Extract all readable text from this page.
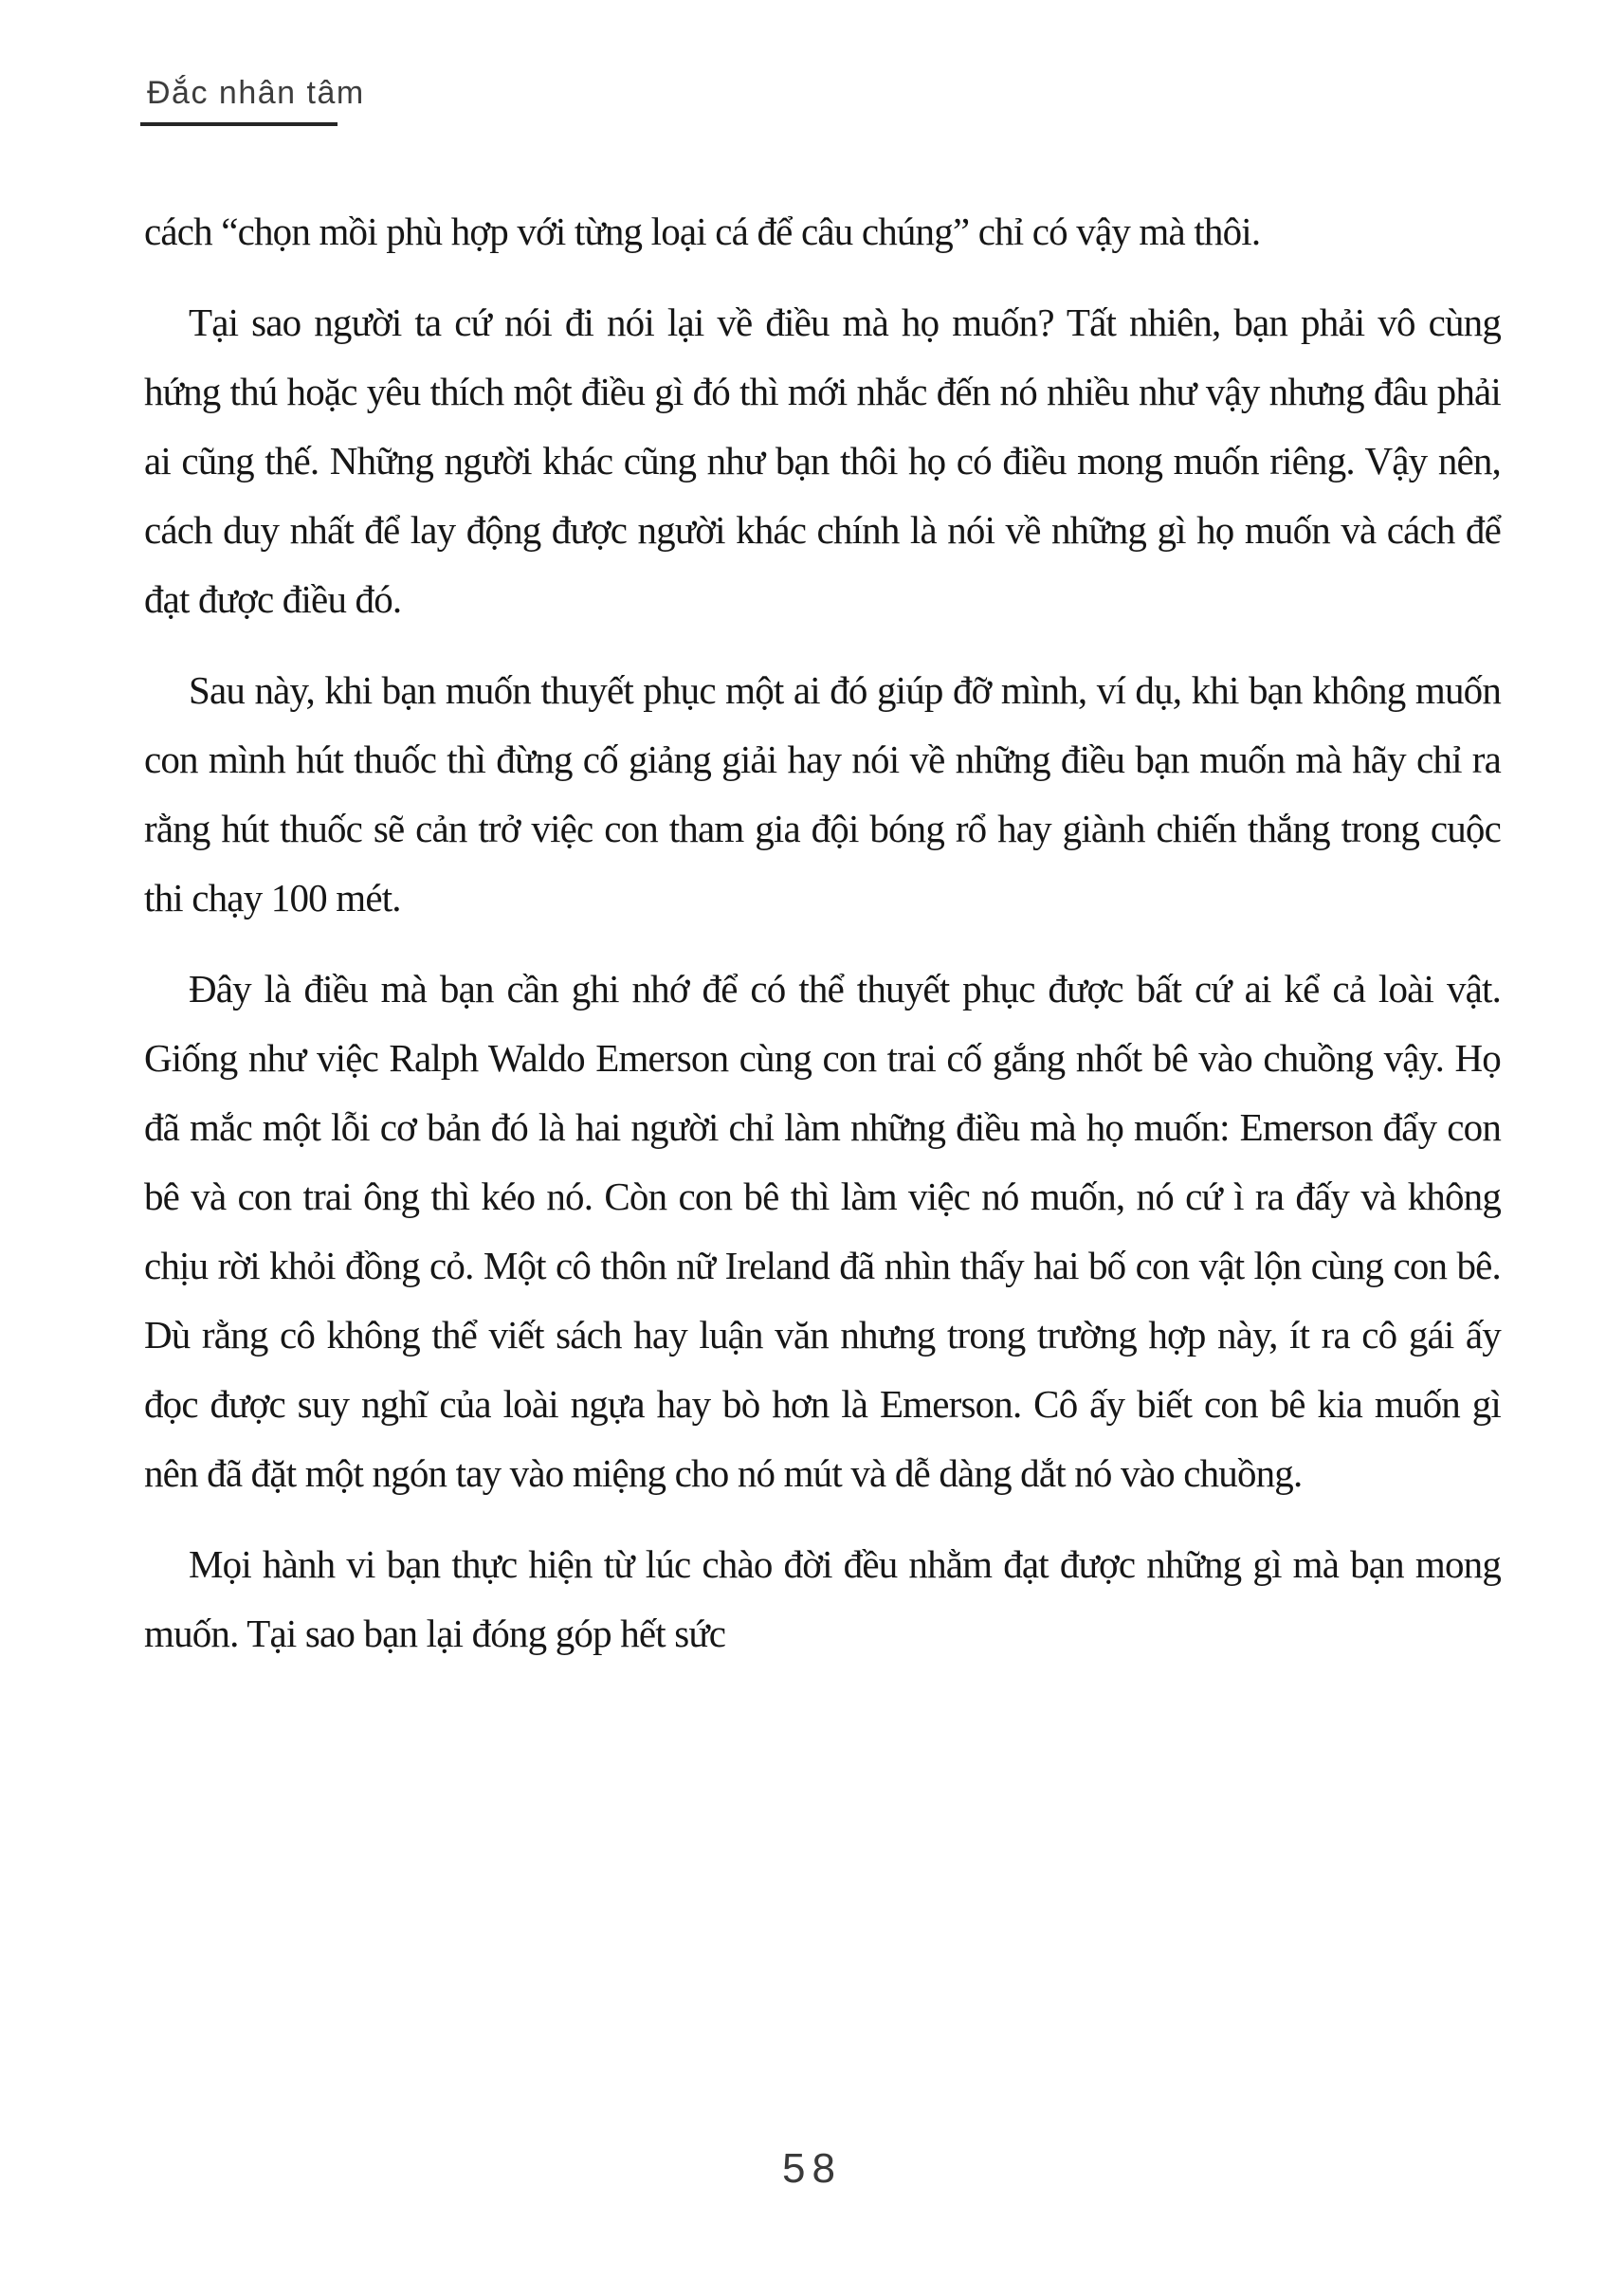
Đắc nhân tâm

cách “chọn mồi phù hợp với từng loại cá để câu chúng” chỉ có vậy mà thôi.

Tại sao người ta cứ nói đi nói lại về điều mà họ muốn? Tất nhiên, bạn phải vô cùng hứng thú hoặc yêu thích một điều gì đó thì mới nhắc đến nó nhiều như vậy nhưng đâu phải ai cũng thế. Những người khác cũng như bạn thôi họ có điều mong muốn riêng. Vậy nên, cách duy nhất để lay động được người khác chính là nói về những gì họ muốn và cách để đạt được điều đó.

Sau này, khi bạn muốn thuyết phục một ai đó giúp đỡ mình, ví dụ, khi bạn không muốn con mình hút thuốc thì đừng cố giảng giải hay nói về những điều bạn muốn mà hãy chỉ ra rằng hút thuốc sẽ cản trở việc con tham gia đội bóng rổ hay giành chiến thắng trong cuộc thi chạy 100 mét.

Đây là điều mà bạn cần ghi nhớ để có thể thuyết phục được bất cứ ai kể cả loài vật. Giống như việc Ralph Waldo Emerson cùng con trai cố gắng nhốt bê vào chuồng vậy. Họ đã mắc một lỗi cơ bản đó là hai người chỉ làm những điều mà họ muốn: Emerson đẩy con bê và con trai ông thì kéo nó. Còn con bê thì làm việc nó muốn, nó cứ ì ra đấy và không chịu rời khỏi đồng cỏ. Một cô thôn nữ Ireland đã nhìn thấy hai bố con vật lộn cùng con bê. Dù rằng cô không thể viết sách hay luận văn nhưng trong trường hợp này, ít ra cô gái ấy đọc được suy nghĩ của loài ngựa hay bò hơn là Emerson. Cô ấy biết con bê kia muốn gì nên đã đặt một ngón tay vào miệng cho nó mút và dễ dàng dắt nó vào chuồng.

Mọi hành vi bạn thực hiện từ lúc chào đời đều nhằm đạt được những gì mà bạn mong muốn. Tại sao bạn lại đóng góp hết sức

58
